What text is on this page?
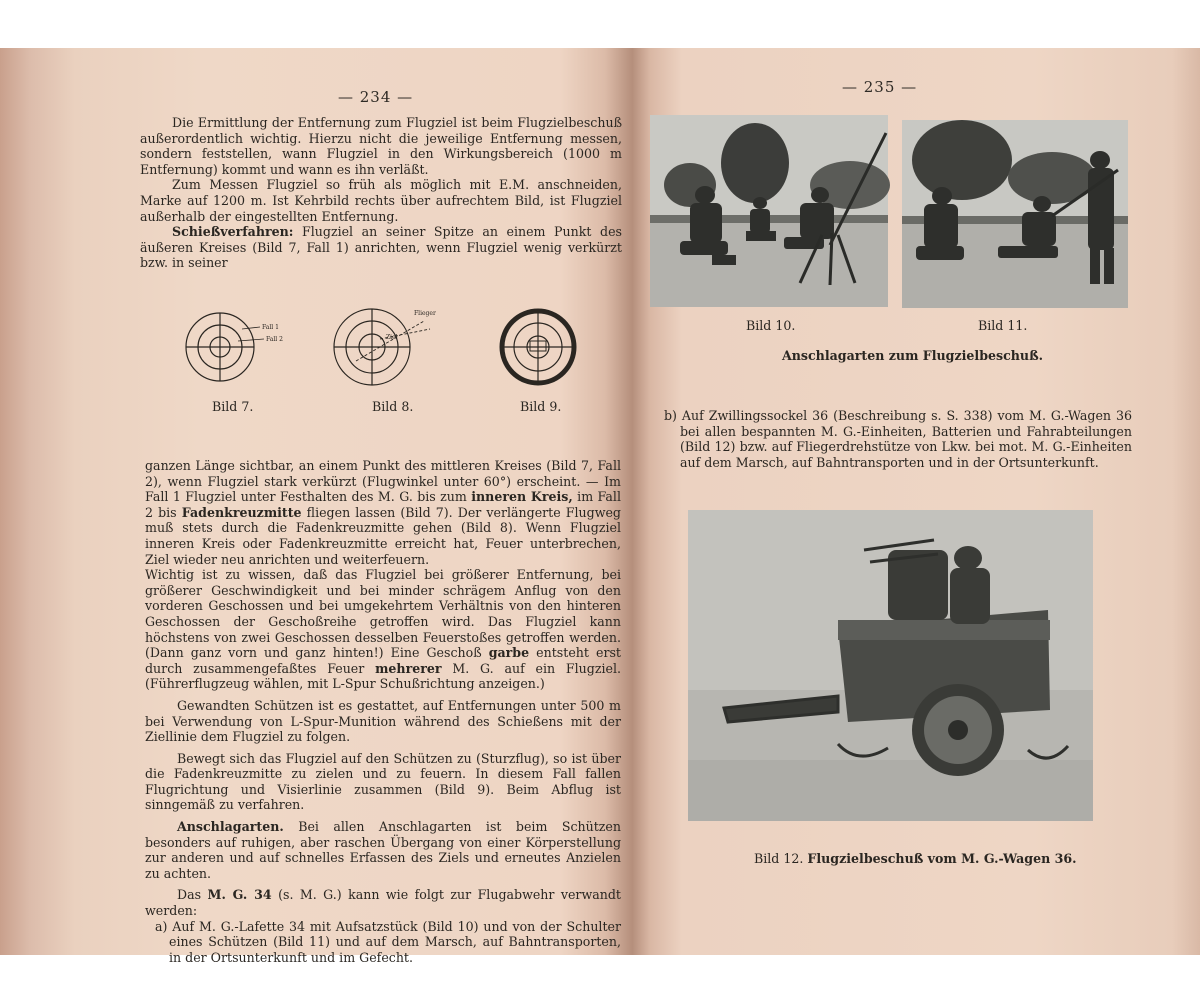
— 234 —

Die Ermittlung der Entfernung zum Flugziel ist beim Flugzielbeschuß außerordentlich wichtig. Hierzu nicht die jeweilige Entfernung messen, sondern feststellen, wann Flugziel in den Wirkungsbereich (1000 m Entfernung) kommt und wann es ihn verläßt.

Zum Messen Flugziel so früh als möglich mit E.M. anschneiden, Marke auf 1200 m. Ist Kehrbild rechts über aufrechtem Bild, ist Flugziel außerhalb der eingestellten Entfernung.

Schießverfahren: Flugziel an seiner Spitze an einem Punkt des äußeren Kreises (Bild 7, Fall 1) anrichten, wenn Flugziel wenig verkürzt bzw. in seiner

Fall 1
Fall 2
Flieger
Ziel
Bild 7.	Bild 8.	Bild 9.

ganzen Länge sichtbar, an einem Punkt des mittleren Kreises (Bild 7, Fall 2), wenn Flugziel stark verkürzt (Flugwinkel unter 60°) erscheint. — Im Fall 1 Flugziel unter Festhalten des M. G. bis zum inneren Kreis, im Fall 2 bis Fadenkreuzmitte fliegen lassen (Bild 7). Der verlängerte Flugweg muß stets durch die Fadenkreuzmitte gehen (Bild 8). Wenn Flugziel inneren Kreis oder Fadenkreuzmitte erreicht hat, Feuer unterbrechen, Ziel wieder neu anrichten und weiterfeuern.

Wichtig ist zu wissen, daß das Flugziel bei größerer Entfernung, bei größerer Geschwindigkeit und bei minder schrägem Anflug von den vorderen Geschossen und bei umgekehrtem Verhältnis von den hinteren Geschossen der Geschoßreihe getroffen wird. Das Flugziel kann höchstens von zwei Geschossen desselben Feuerstoßes getroffen werden. (Dann ganz vorn und ganz hinten!) Eine Geschoß garbe entsteht erst durch zusammengefaßtes Feuer mehrerer M. G. auf ein Flugziel. (Führerflugzeug wählen, mit L-Spur Schußrichtung anzeigen.)

Gewandten Schützen ist es gestattet, auf Entfernungen unter 500 m bei Verwendung von L-Spur-Munition während des Schießens mit der Ziellinie dem Flugziel zu folgen.

Bewegt sich das Flugziel auf den Schützen zu (Sturzflug), so ist über die Fadenkreuzmitte zu zielen und zu feuern. In diesem Fall fallen Flugrichtung und Visierlinie zusammen (Bild 9). Beim Abflug ist sinngemäß zu verfahren.

Anschlagarten. Bei allen Anschlagarten ist beim Schützen besonders auf ruhigen, aber raschen Übergang von einer Körperstellung zur anderen und auf schnelles Erfassen des Ziels und erneutes Anzielen zu achten.

Das M. G. 34 (s. M. G.) kann wie folgt zur Flugabwehr verwandt werden:

a) Auf M. G.-Lafette 34 mit Aufsatzstück (Bild 10) und von der Schulter eines Schützen (Bild 11) und auf dem Marsch, auf Bahntransporten, in der Ortsunterkunft und im Gefecht.

— 235 —
Bild 10.	Bild 11.
Anschlagarten zum Flugzielbeschuß.

b) Auf Zwillingssockel 36 (Beschreibung s. S. 338) vom M. G.-Wagen 36 bei allen bespannten M. G.-Einheiten, Batterien und Fahrabteilungen (Bild 12) bzw. auf Fliegerdrehstütze von Lkw. bei mot. M. G.-Einheiten auf dem Marsch, auf Bahntransporten und in der Ortsunterkunft.

Bild 12. Flugzielbeschuß vom M. G.-Wagen 36.
